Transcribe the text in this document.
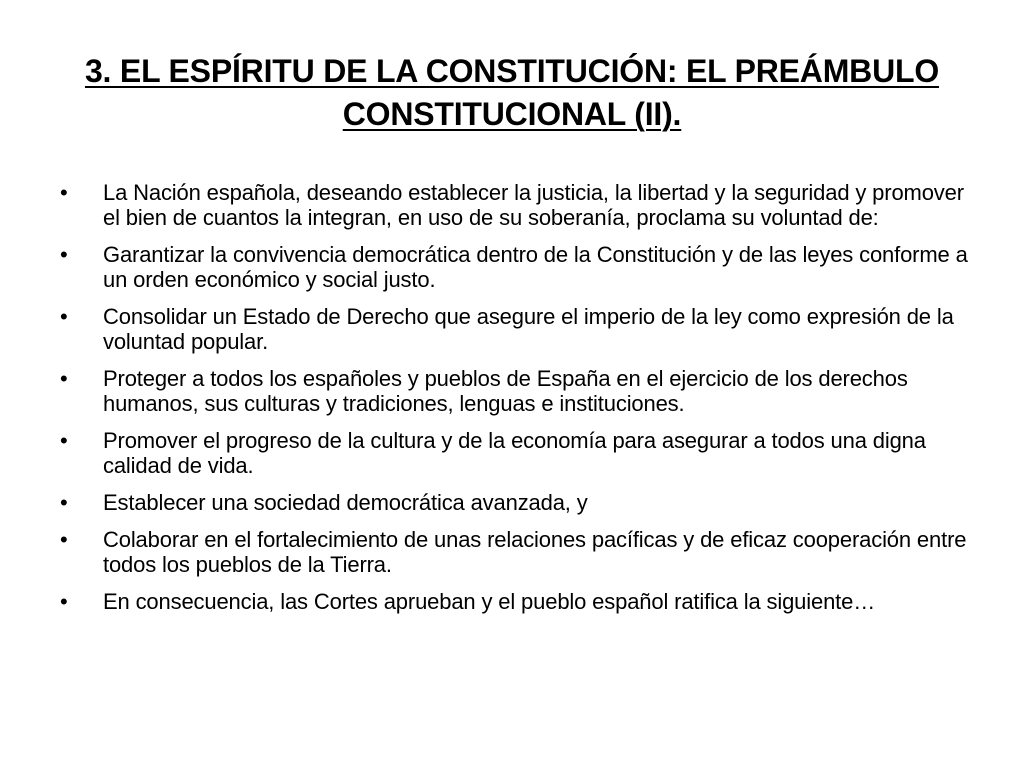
3. EL ESPÍRITU DE LA CONSTITUCIÓN: EL PREÁMBULO CONSTITUCIONAL (II).
•	La Nación española, deseando establecer la justicia, la libertad y la seguridad y promover el bien de cuantos la integran, en uso de su soberanía, proclama su voluntad de:
•	Garantizar la convivencia democrática dentro de la Constitución y de las leyes conforme a un orden económico y social justo.
•	Consolidar un Estado de Derecho que asegure el imperio de la ley como expresión de la voluntad popular.
•	Proteger a todos los españoles y pueblos de España en el ejercicio de los derechos humanos, sus culturas y tradiciones, lenguas e instituciones.
•	Promover el progreso de la cultura y de la economía para asegurar a todos una digna calidad de vida.
•	Establecer una sociedad democrática avanzada, y
•	Colaborar en el fortalecimiento de unas relaciones pacíficas y de eficaz cooperación entre todos los pueblos de la Tierra.
•	En consecuencia, las Cortes aprueban y el pueblo español ratifica la siguiente…
